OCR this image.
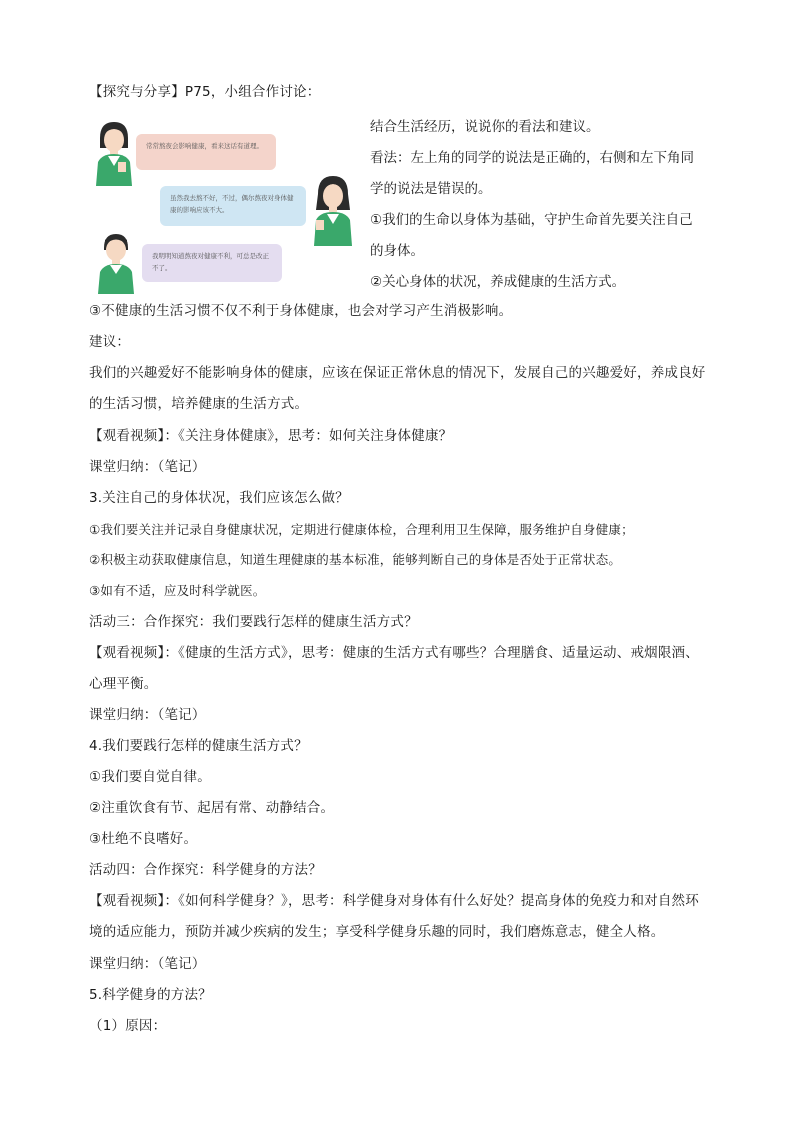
【探究与分享】P75，小组合作讨论：
常常熬夜会影响健康，看来这话有道理。
虽然我去熬不好，不过，偶尔熬夜对身体健康的影响应该不大。
我明明知道熬夜对健康不利，可总是改正不了。
结合生活经历，说说你的看法和建议。
看法：左上角的同学的说法是正确的，右侧和左下角同学的说法是错误的。
①我们的生命以身体为基础，守护生命首先要关注自己的身体。
②关心身体的状况，养成健康的生活方式。
③不健康的生活习惯不仅不利于身体健康，也会对学习产生消极影响。
建议：
我们的兴趣爱好不能影响身体的健康，应该在保证正常休息的情况下，发展自己的兴趣爱好，养成良好的生活习惯，培养健康的生活方式。
【观看视频】：《关注身体健康》，思考：如何关注身体健康？
课堂归纳：（笔记）
3.关注自己的身体状况，我们应该怎么做？
①我们要关注并记录自身健康状况，定期进行健康体检，合理利用卫生保障，服务维护自身健康；
②积极主动获取健康信息，知道生理健康的基本标准，能够判断自己的身体是否处于正常状态。
③如有不适，应及时科学就医。
活动三：合作探究：我们要践行怎样的健康生活方式？
【观看视频】：《健康的生活方式》，思考：健康的生活方式有哪些？合理膳食、适量运动、戒烟限酒、心理平衡。
课堂归纳：（笔记）
4.我们要践行怎样的健康生活方式？
①我们要自觉自律。
②注重饮食有节、起居有常、动静结合。
③杜绝不良嗜好。
活动四：合作探究：科学健身的方法？
【观看视频】：《如何科学健身？》，思考：科学健身对身体有什么好处？提高身体的免疫力和对自然环境的适应能力，预防并减少疾病的发生；享受科学健身乐趣的同时，我们磨炼意志，健全人格。
课堂归纳：（笔记）
5.科学健身的方法？
（1）原因：
